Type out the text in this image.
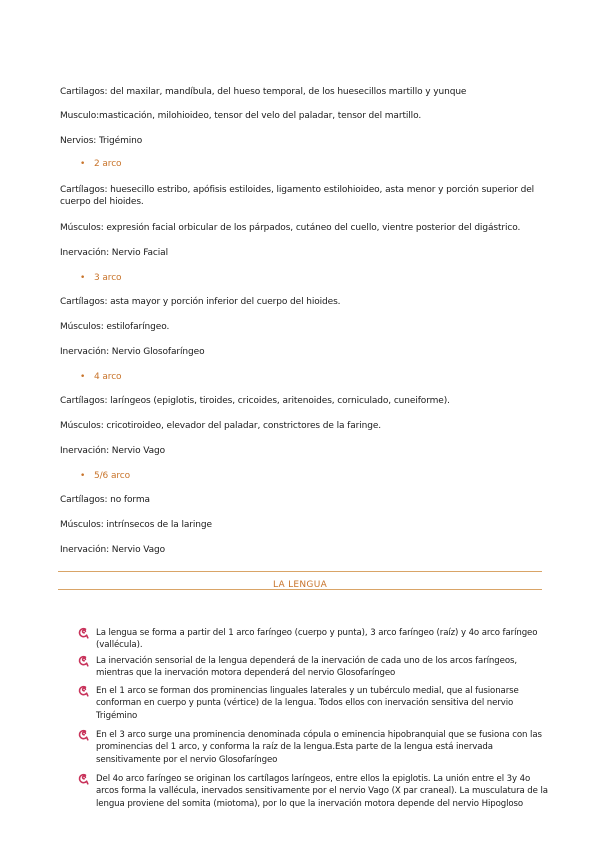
Cartilagos: del maxilar, mandíbula, del hueso temporal, de los huesecillos martillo y yunque
Musculo:masticación, milohioideo, tensor del velo del paladar, tensor del martillo.
Nervios: Trigémino
• 2 arco
Cartílagos: huesecillo estribo, apófisis estiloides, ligamento estilohioideo, asta menor y porción superior del cuerpo del hioides.
Músculos: expresión facial orbicular de los párpados, cutáneo del cuello, vientre posterior del digástrico.
Inervación: Nervio Facial
• 3 arco
Cartílagos: asta mayor y porción inferior del cuerpo del hioides.
Músculos: estilofaríngeo.
Inervación: Nervio Glosofaríngeo
• 4 arco
Cartílagos: laríngeos (epiglotis, tiroides, cricoides, aritenoides, corniculado, cuneiforme).
Músculos: cricotiroideo, elevador del paladar, constrictores de la faringe.
Inervación: Nervio Vago
• 5/6 arco
Cartílagos: no forma
Músculos: intrínsecos de la laringe
Inervación: Nervio Vago
LA LENGUA
La lengua se forma a partir del 1 arco faríngeo (cuerpo y punta), 3 arco faríngeo (raíz) y 4o arco faríngeo (vallécula).
La inervación sensorial de la lengua dependerá de la inervación de cada uno de los arcos faríngeos, mientras que la inervación motora dependerá del nervio Glosofaríngeo
En el 1 arco se forman dos prominencias linguales laterales y un tubérculo medial, que al fusionarse conforman en cuerpo y punta (vértice) de la lengua. Todos ellos con inervación sensitiva del nervio Trigémino
En el 3 arco surge una prominencia denominada cópula o eminencia hipobranquial que se fusiona con las prominencias del 1 arco, y conforma la raíz de la lengua.Esta parte de la lengua está inervada sensitivamente por el nervio Glosofaríngeo
Del 4o arco faríngeo se originan los cartílagos laríngeos, entre ellos la epiglotis. La unión entre el 3y 4o arcos forma la vallécula, inervados sensitivamente por el nervio Vago (X par craneal). La musculatura de la lengua proviene del somita (miotoma), por lo que la inervación motora depende del nervio Hipogloso
